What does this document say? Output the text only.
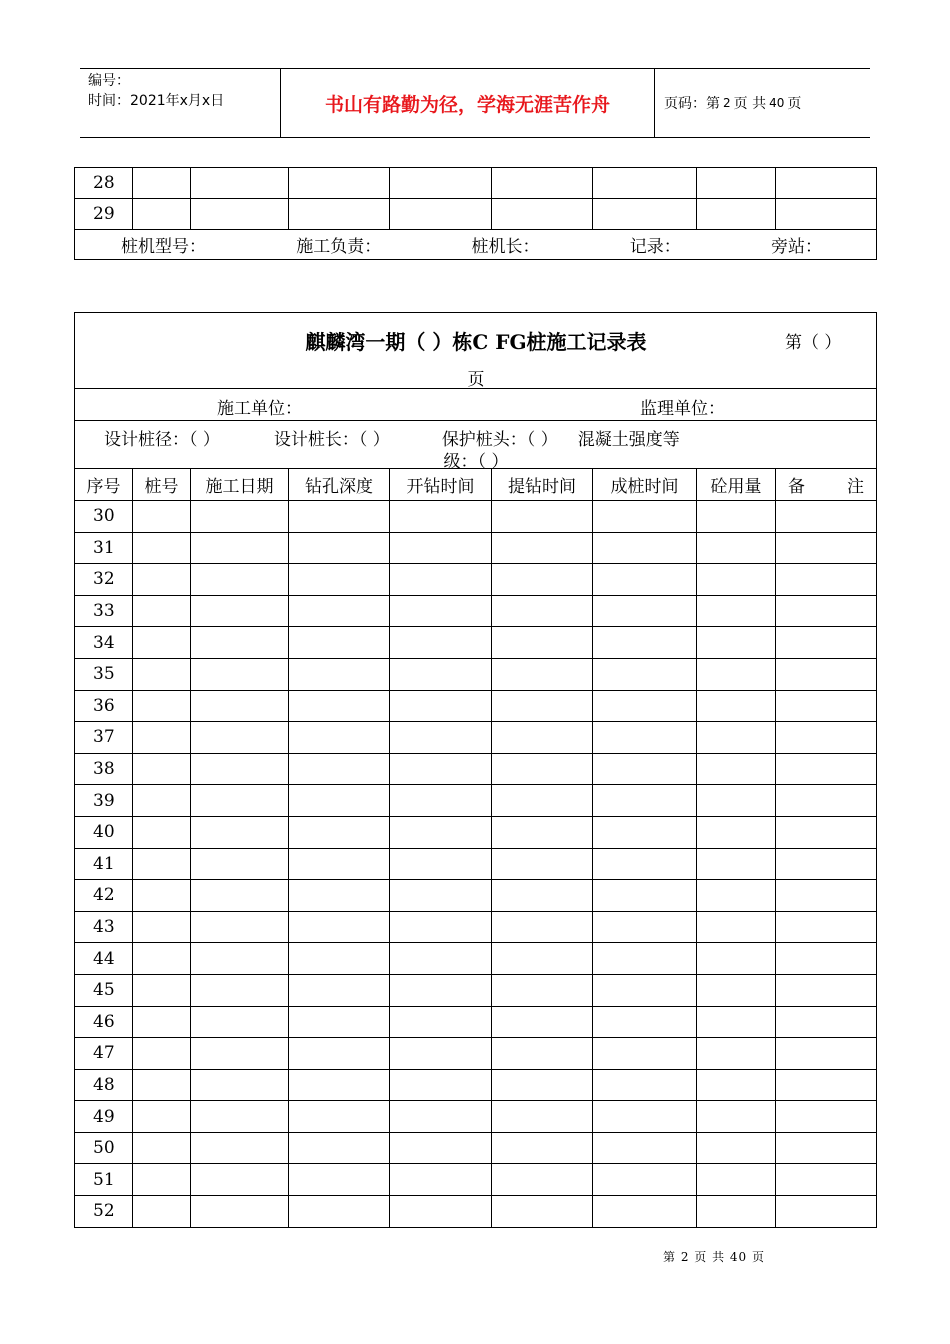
编号：
时间：2021年x月x日	书山有路勤为径，学海无涯苦作舟	页码：第 2 页 共 40 页
28								
29								

桩机型号： 施工负责： 桩机长： 记录： 旁站：								
麒麟湾一期（ ）栋C FG桩施工记录表 第（ ）
页								

施工单位： 监理单位：								

设计桩径：（ ） 设计桩长：（ ） 保护桩头：（ ） 混凝土强度等
级：（ ）								

序号	桩号	施工日期	钻孔深度	开钻时间	提钻时间	成桩时间	砼用量	备 注

30								
31								
32								
33								
34								
35								
36								
37								
38								
39								
40								
41								
42								
43								
44								
45								
46								
47								
48								
49								
50								
51								
52								
第 2 页 共 40 页
